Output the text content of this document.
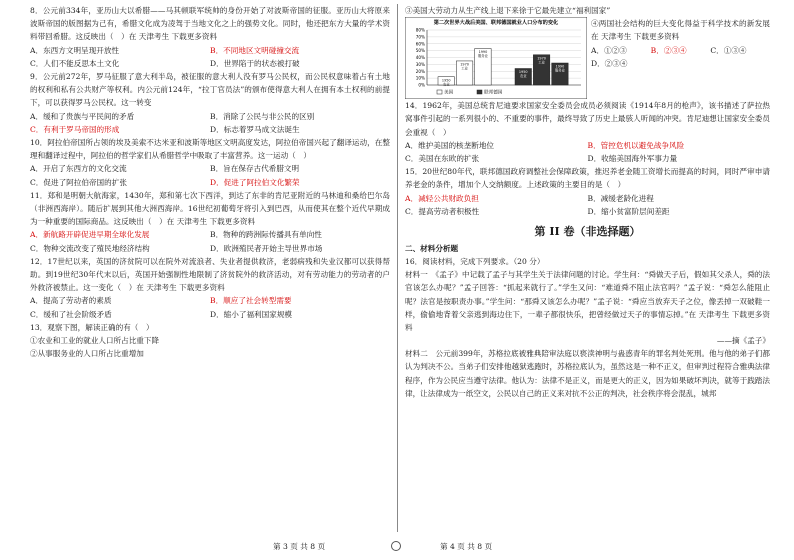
8．公元前334年，亚历山大以希腊——马其顿联军统帅的身份开始了对波斯帝国的征服。亚历山大将原来波斯帝国的版图据为己有，希腊文化成为凌驾于当地文化之上的强势文化。同时，他还把东方大量的学术资料带回希腊。这反映出（　）在 天津考生 下载更多资料

A．东西方文明呈现开放性	B．不同地区文明碰撞交流
C．人们不能反思本土文化	D．世界陷于的状态被打破

9．公元前272年，罗马征服了意大利半岛，被征服的意大利人没有罗马公民权，而公民权意味着占有土地的权利和私有公共财产等权利。内公元前124年，“拉丁官员法”的颁布使得意大利人在拥有本土权利的前提下，可以获得罗马公民权。这一转变

A．缓和了贵族与平民间的矛盾	B．消除了公民与非公民的区别
C．有利于罗马帝国的形成	D．标志着罗马成文法诞生

10．阿拉伯帝国所占领的埃及美索不达米亚和波斯等地区文明高度发达，阿拉伯帝国兴起了翻译运动，在整理和翻译过程中，阿拉伯的哲学家们从希腊哲学中吸取了丰富营养。这一运动（　）

A．开启了东西方的文化交流	B．旨在保存古代希腊文明
C．促进了阿拉伯帝国的扩张	D．促进了阿拉伯文化繁荣

11．郑和是明朝大航海家，1430年，郑和第七次下西洋，到达了东非的肯尼亚附近的马林迪和桑给巴尔岛（非洲西海岸）。随后扩展到其他大洲西海岸。16世纪初葡萄牙将引入到巴西，从而使其在整个近代早期成为一种重要的国际商品。这反映出（　）在 天津考生 下载更多资料

A．新航路开辟促进早期全球化发展	B．物种的跨洲际传播具有单向性
C．物种交流改变了殖民地经济结构	D．欧洲殖民者开始主导世界市场

12．17世纪以来，英国的济贫院可以在院外对流浪者、失业者提供救济，老弱病残和失业汉都可以获得帮助。到19世纪30年代末以后，英国开始强制性地限制了济贫院外的救济活动，对有劳动能力的劳动者的户外救济被禁止。这一变化（　）在 天津考生 下载更多资料

A．提高了劳动者的素质	B．顺应了社会转型需要
C．缓和了社会阶级矛盾	D．缩小了福利国家规模

13．观察下图，解读正确的有（　）

①农业和工业的就业人口所占比重下降

②从事服务业的人口所占比重增加

③美国大劳动力从生产线上退下来徐于它最先建立“福利国家”

第二次世界大战后美国、联邦德国就业人口分布的变化
80%
70%
60%
50%
40%
30%
20%
10%
0%
1950 农业
1970 工业
1990 服务业
1950 农业
1970 工业
1990 服务业
美国	联邦德国

④两国社会结构的巨大变化得益于科学技术的新发展在 天津考生 下载更多资料

A．①②③	B．②③④	C．①③④
D．②③④

14．1962年，美国总统肯尼迪要求国家安全委员会成员必须阅读《1914年8月的枪声》，该书描述了萨拉热窝事件引起的一系列很小的、不重要的事件，最终导致了历史上最骇人听闻的冲突。肯尼迪想让国家安全委员会重视（　）

A．维护美国的核垄断地位	B．管控危机以避免战争风险
C．美国在东欧的扩张	D．收缩美国海外军事力量

15．20世纪80年代，联邦德国政府调整社会保障政策，推迟养老金随工资增长而提高的时间，同时严审申请养老金的条件，增加个人交纳额度。上述政策的主要目的是（　）

A．减轻公共财政负担	B．减缓老龄化进程
C．提高劳动者积极性	D．缩小贫富阶层间差距
第 II 卷（非选择题）

二、材料分析题

16．阅读材料，完成下列要求。（20 分）

材料一　《孟子》中记载了孟子与其学生关于法律问题的讨论。学生问：“舜做天子后，假如其父杀人，舜的法官该怎么办呢？”孟子回答：“抓起来就行了。”学生又问：“难道舜不阻止法官吗？”孟子说：“舜怎么能阻止呢？法官是按职责办事。”学生问：“那舜又该怎么办呢？”孟子说：“舜应当放弃天子之位，像丢掉一双破鞋一样，偷偷地背着父亲逃到海边住下，一辈子都很快乐，把曾经做过天子的事情忘掉。”在 天津考生 下载更多资料

——摘《孟子》

材料二　公元前399年，苏格拉底被雅典陪审法庭以亵渎神明与蛊惑青年的罪名判处死刑。他与他的弟子们都认为判决不公。当弟子们安排他越狱逃跑时，苏格拉底认为，虽然这是一种不正义，但审判过程符合雅典法律程序，作为公民应当遵守法律。他认为：法律不是正义，而是更大的正义，因为如果破坏判决，就等于践踏法律，让法律成为一纸空文，公民以自己的正义来对抗不公正的判决，社会秩序将会混乱，城邦

第 3 页 共 8 页	第 4 页 共 8 页
